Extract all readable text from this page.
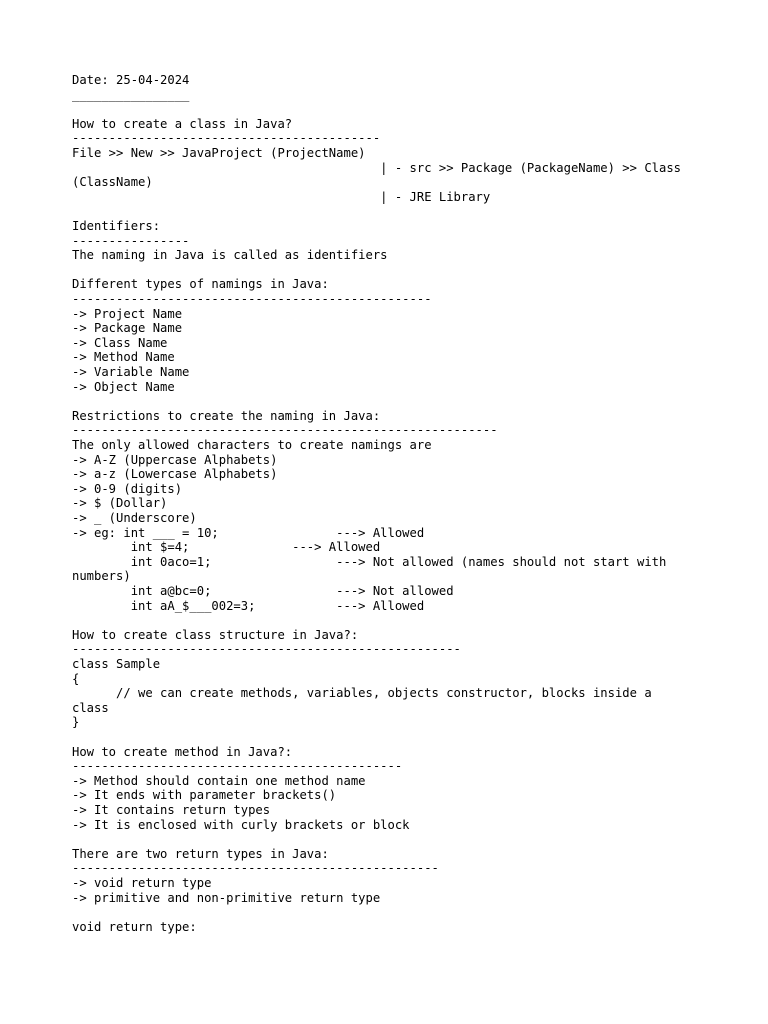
Date: 25-04-2024

________________

How to create a class in Java?

------------------------------------------

File >> New >> JavaProject (ProjectName)

| - src >> Package (PackageName) >> Class

(ClassName)

| - JRE Library

Identifiers:

----------------

The naming in Java is called as identifiers

Different types of namings in Java:

-------------------------------------------------

-> Project Name

-> Package Name

-> Class Name

-> Method Name

-> Variable Name

-> Object Name

Restrictions to create the naming in Java:

----------------------------------------------------------

The only allowed characters to create namings are

-> A-Z (Uppercase Alphabets)

-> a-z (Lowercase Alphabets)

-> 0-9 (digits)

-> $ (Dollar)

-> _ (Underscore)

-> eg: int ___ = 10;                ---> Allowed

int $=4;              ---> Allowed

int 0aco=1;                 ---> Not allowed (names should not start with

numbers)

int a@bc=0;                 ---> Not allowed

int aA_$___002=3;           ---> Allowed

How to create class structure in Java?:

-----------------------------------------------------

class Sample

{

// we can create methods, variables, objects constructor, blocks inside a

class

}

How to create method in Java?:

---------------------------------------------

-> Method should contain one method name

-> It ends with parameter brackets()

-> It contains return types

-> It is enclosed with curly brackets or block

There are two return types in Java:

--------------------------------------------------

-> void return type

-> primitive and non-primitive return type

void return type:
